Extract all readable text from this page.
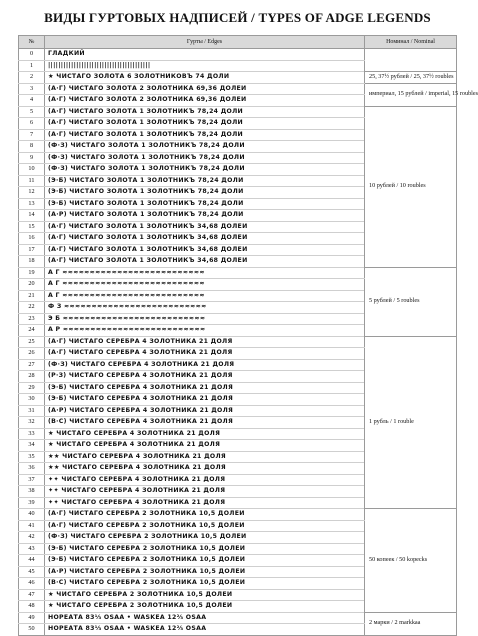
ВИДЫ ГУРТОВЫХ НАДПИСЕЙ / TYPES OF ADGE LEGENDS
№	Гурты / Edges	Номинал / Nominal	
0	ГЛАДКИЙ		
1	||||||||||||||||||||||||||||||||||||||||		
2	★ ЧИСТАГО ЗОЛОТА 6 ЗОЛОТНИКОВЪ 74 ДОЛИ	25, 37½ рублей / 25, 37½ roubles	
3	(А·Г) ЧИСТАГО ЗОЛОТА 2 ЗОЛОТНИКА 69,36 ДОЛЕИ	империал, 15 рублей / imperial, 15 roubles	
4	(А·Г) ЧИСТАГО ЗОЛОТА 2 ЗОЛОТНИКА 69,36 ДОЛЕИ		
5	(А·Г) ЧИСТАГО ЗОЛОТА 1 ЗОЛОТНИКЪ 78,24 ДОЛИ	10 рублей / 10 roubles	
6	(А·Г) ЧИСТАГО ЗОЛОТА 1 ЗОЛОТНИКЪ 78,24 ДОЛИ		
7	(А·Г) ЧИСТАГО ЗОЛОТА 1 ЗОЛОТНИКЪ 78,24 ДОЛИ		
8	(Ф·З) ЧИСТАГО ЗОЛОТА 1 ЗОЛОТНИКЪ 78,24 ДОЛИ		
9	(Ф·З) ЧИСТАГО ЗОЛОТА 1 ЗОЛОТНИКЪ 78,24 ДОЛИ		
10	(Ф·З) ЧИСТАГО ЗОЛОТА 1 ЗОЛОТНИКЪ 78,24 ДОЛИ		
11	(Э·Б) ЧИСТАГО ЗОЛОТА 1 ЗОЛОТНИКЪ 78,24 ДОЛИ		
12	(Э·Б) ЧИСТАГО ЗОЛОТА 1 ЗОЛОТНИКЪ 78,24 ДОЛИ		
13	(Э·Б) ЧИСТАГО ЗОЛОТА 1 ЗОЛОТНИКЪ 78,24 ДОЛИ		
14	(А·Р) ЧИСТАГО ЗОЛОТА 1 ЗОЛОТНИКЪ 78,24 ДОЛИ		
15	(А·Г) ЧИСТАГО ЗОЛОТА 1 ЗОЛОТНИКЪ 34,68 ДОЛЕИ	
16	(А·Г) ЧИСТАГО ЗОЛОТА 1 ЗОЛОТНИКЪ 34,68 ДОЛЕИ		
17	(А·Г) ЧИСТАГО ЗОЛОТА 1 ЗОЛОТНИКЪ 34,68 ДОЛЕИ		
18	(А·Г) ЧИСТАГО ЗОЛОТА 1 ЗОЛОТНИКЪ 34,68 ДОЛЕИ		
19	А Г ≈≈≈≈≈≈≈≈≈≈≈≈≈≈≈≈≈≈≈≈≈≈≈≈≈≈	5 рублей / 5 roubles	
20	А Г ≈≈≈≈≈≈≈≈≈≈≈≈≈≈≈≈≈≈≈≈≈≈≈≈≈≈		
21	А Г ≈≈≈≈≈≈≈≈≈≈≈≈≈≈≈≈≈≈≈≈≈≈≈≈≈≈		
22	Ф З ≈≈≈≈≈≈≈≈≈≈≈≈≈≈≈≈≈≈≈≈≈≈≈≈≈≈		
23	Э Б ≈≈≈≈≈≈≈≈≈≈≈≈≈≈≈≈≈≈≈≈≈≈≈≈≈≈		
24	А Р ≈≈≈≈≈≈≈≈≈≈≈≈≈≈≈≈≈≈≈≈≈≈≈≈≈≈		
25	(А·Г) ЧИСТАГО СЕРЕБРА 4 ЗОЛОТНИКА 21 ДОЛЯ	1 рубль / 1 rouble	
26	(А·Г) ЧИСТАГО СЕРЕБРА 4 ЗОЛОТНИКА 21 ДОЛЯ		
27	(Ф·З) ЧИСТАГО СЕРЕБРА 4 ЗОЛОТНИКА 21 ДОЛЯ		
28	(Р·З) ЧИСТАГО СЕРЕБРА 4 ЗОЛОТНИКА 21 ДОЛЯ		
29	(Э·Б) ЧИСТАГО СЕРЕБРА 4 ЗОЛОТНИКА 21 ДОЛЯ		
30	(Э·Б) ЧИСТАГО СЕРЕБРА 4 ЗОЛОТНИКА 21 ДОЛЯ		
31	(А·Р) ЧИСТАГО СЕРЕБРА 4 ЗОЛОТНИКА 21 ДОЛЯ		
32	(В·С) ЧИСТАГО СЕРЕБРА 4 ЗОЛОТНИКА 21 ДОЛЯ		
33	★ ЧИСТАГО СЕРЕБРА 4 ЗОЛОТНИКА 21 ДОЛЯ		
34	★ ЧИСТАГО СЕРЕБРА 4 ЗОЛОТНИКА 21 ДОЛЯ		
35	★★ ЧИСТАГО СЕРЕБРА 4 ЗОЛОТНИКА 21 ДОЛЯ		
36	★★ ЧИСТАГО СЕРЕБРА 4 ЗОЛОТНИКА 21 ДОЛЯ		
37	✦✦ ЧИСТАГО СЕРЕБРА 4 ЗОЛОТНИКА 21 ДОЛЯ		
38	✦✦ ЧИСТАГО СЕРЕБРА 4 ЗОЛОТНИКА 21 ДОЛЯ		
39	✦✦ ЧИСТАГО СЕРЕБРА 4 ЗОЛОТНИКА 21 ДОЛЯ		
40	(А·Г) ЧИСТАГО СЕРЕБРА 2 ЗОЛОТНИКА 10,5 ДОЛЕИ	50 копеек / 50 kopecks	
41	(А·Г) ЧИСТАГО СЕРЕБРА 2 ЗОЛОТНИКА 10,5 ДОЛЕИ		
42	(Ф·З) ЧИСТАГО СЕРЕБРА 2 ЗОЛОТНИКА 10,5 ДОЛЕИ		
43	(Э·Б) ЧИСТАГО СЕРЕБРА 2 ЗОЛОТНИКА 10,5 ДОЛЕИ		
44	(Э·Б) ЧИСТАГО СЕРЕБРА 2 ЗОЛОТНИКА 10,5 ДОЛЕИ		
45	(А·Р) ЧИСТАГО СЕРЕБРА 2 ЗОЛОТНИКА 10,5 ДОЛЕИ		
46	(В·С) ЧИСТАГО СЕРЕБРА 2 ЗОЛОТНИКА 10,5 ДОЛЕИ		
47	★ ЧИСТАГО СЕРЕБРА 2 ЗОЛОТНИКА 10,5 ДОЛЕИ		
48	★ ЧИСТАГО СЕРЕБРА 2 ЗОЛОТНИКА 10,5 ДОЛЕИ		
49	НОРЕАТА 83⅓ OSAA • WASKEA 12⅔ OSAA	2 марки / 2 markkaa	
50	НОРЕАТА 83⅓ OSAA • WASKEA 12⅔ OSAA		
